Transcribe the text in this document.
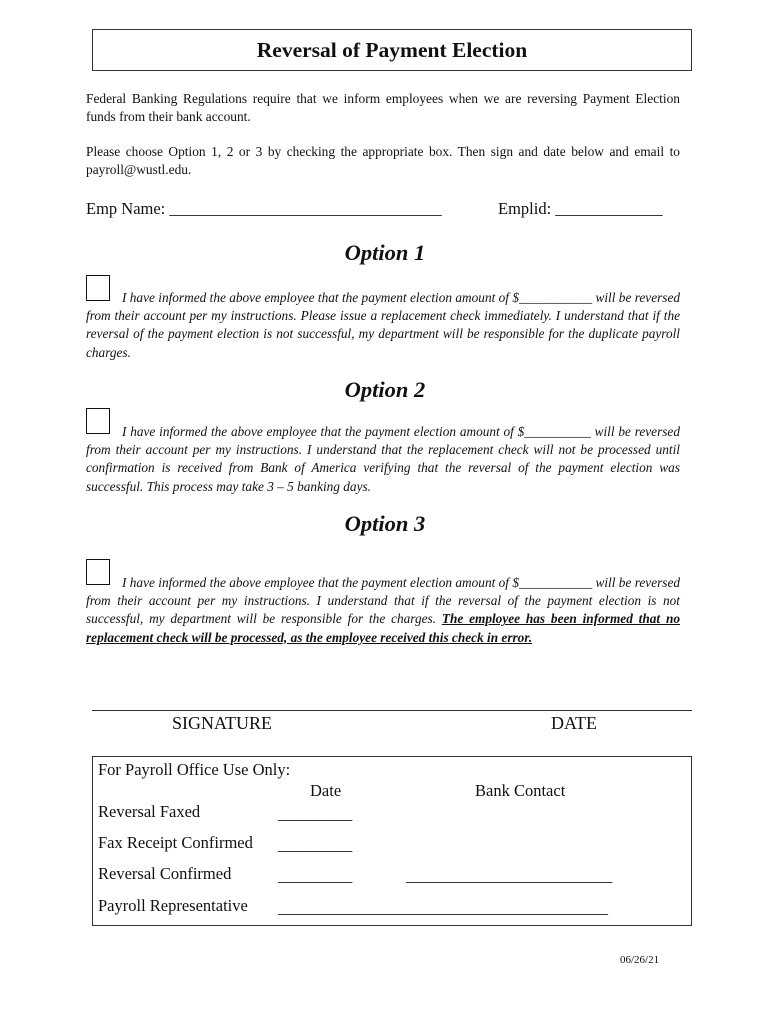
Reversal of Payment Election
Federal Banking Regulations require that we inform employees when we are reversing Payment Election funds from their bank account.
Please choose Option 1, 2 or 3 by checking the appropriate box. Then sign and date below and email to payroll@wustl.edu.
Emp Name: _________________________________	Emplid: _____________
Option 1
I have informed the above employee that the payment election amount of $___________ will be reversed from their account per my instructions. Please issue a replacement check immediately. I understand that if the reversal of the payment election is not successful, my department will be responsible for the duplicate payroll charges.
Option 2
I have informed the above employee that the payment election amount of $__________ will be reversed from their account per my instructions. I understand that the replacement check will not be processed until confirmation is received from Bank of America verifying that the reversal of the payment election was successful. This process may take 3 – 5 banking days.
Option 3
I have informed the above employee that the payment election amount of $___________ will be reversed from their account per my instructions. I understand that if the reversal of the payment election is not successful, my department will be responsible for the charges. The employee has been informed that no replacement check will be processed, as the employee received this check in error.
SIGNATURE	DATE
For Payroll Office Use Only:
Date	Bank Contact
Reversal Faxed	_________
Fax Receipt Confirmed _________
Reversal Confirmed	_________	_________________________
Payroll Representative ________________________________________
06/26/21
